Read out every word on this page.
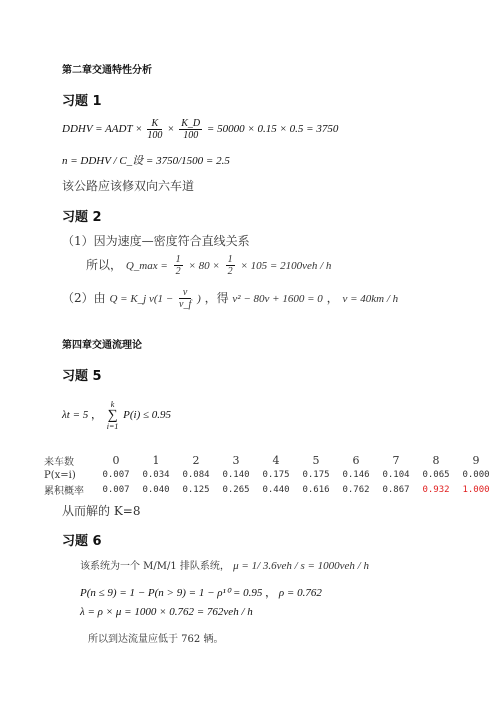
第二章交通特性分析
习题 1
DDHV = AADT × $\frac{K}{100} \times \frac{K\_D}{100} = 50000 \times 0.15 \times 0.5 = 3750$
n = DDHV / C_设 = 3750/1500 = 2.5
该公路应该修双向六车道
习题 2
（1）因为速度—密度符合直线关系
所以， Q_max = $\frac{1}{2} \times 80 \times \frac{1}{2} \times 105 = 2100veh / h$
（2）由 Q = K_j $v(1 - \frac{v}{v\_f}$ ) ，得 v² − 80v + 1600 = 0 ， v = 40km / h
第四章交通流理论
习题 5
λt = 5 ，
k
∑
i=1
P(i) ≤ 0.95
来车数	0	1	2	3	4	5	6	7	8	9
P(x=i)	0.007	0.034	0.084	0.140	0.175	0.175	0.146	0.104	0.065	0.000
累积概率	0.007	0.040	0.125	0.265	0.440	0.616	0.762	0.867	0.932	1.000
从而解的 K=8
习题 6
该系统为一个 M/M/1 排队系统， μ = 1/ 3.6veh / s = 1000veh / h
P(n ≤ 9) = 1 − P(n > 9) = 1 − ρ¹⁰ = 0.95 ， ρ = 0.762
λ = ρ × μ = 1000 × 0.762 = 762veh / h
所以到达流量应低于 762 辆。
